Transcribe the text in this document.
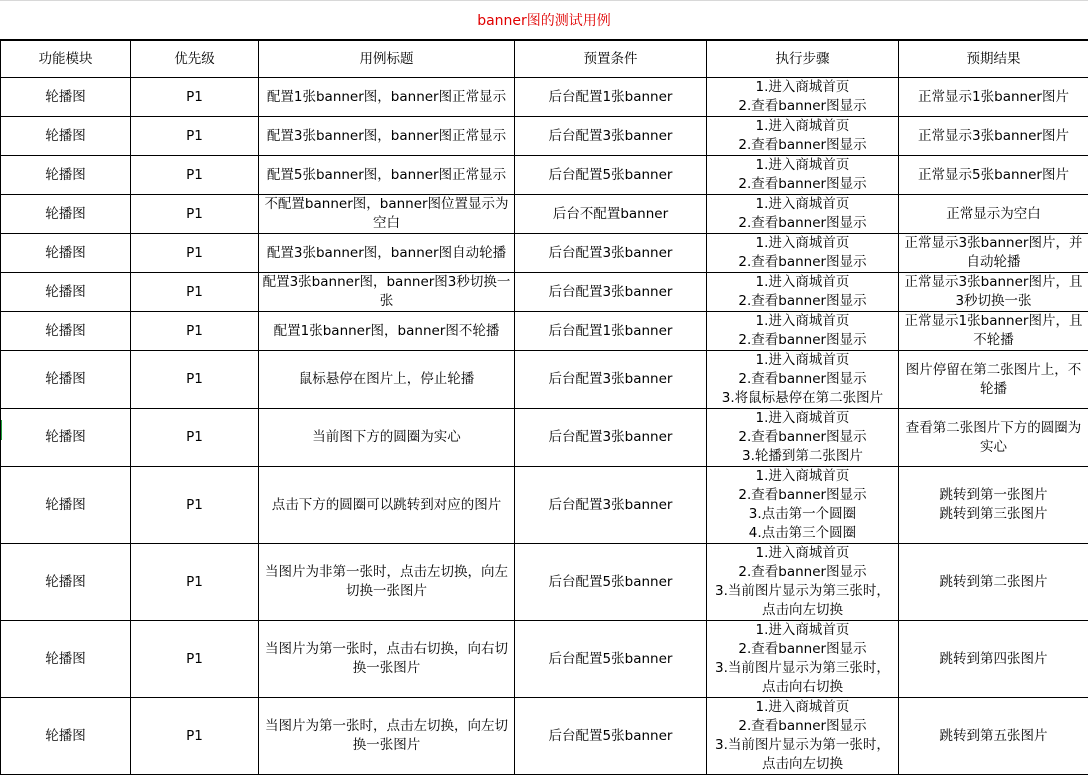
banner图的测试用例
功能模块	优先级	用例标题	预置条件	执行步骤	预期结果
轮播图	P1	配置1张banner图，banner图正常显示	后台配置1张banner	1.进入商城首页
2.查看banner图显示	正常显示1张banner图片
轮播图	P1	配置3张banner图，banner图正常显示	后台配置3张banner	1.进入商城首页
2.查看banner图显示	正常显示3张banner图片
轮播图	P1	配置5张banner图，banner图正常显示	后台配置5张banner	1.进入商城首页
2.查看banner图显示	正常显示5张banner图片
轮播图	P1	不配置banner图，banner图位置显示为空白	后台不配置banner	1.进入商城首页
2.查看banner图显示	正常显示为空白
轮播图	P1	配置3张banner图，banner图自动轮播	后台配置3张banner	1.进入商城首页
2.查看banner图显示	正常显示3张banner图片，并自动轮播
轮播图	P1	配置3张banner图，banner图3秒切换一张	后台配置3张banner	1.进入商城首页
2.查看banner图显示	正常显示3张banner图片，且3秒切换一张
轮播图	P1	配置1张banner图，banner图不轮播	后台配置1张banner	1.进入商城首页
2.查看banner图显示	正常显示1张banner图片，且不轮播
轮播图	P1	鼠标悬停在图片上，停止轮播	后台配置3张banner	1.进入商城首页
2.查看banner图显示
3.将鼠标悬停在第二张图片	图片停留在第二张图片上，不轮播
轮播图	P1	当前图下方的圆圈为实心	后台配置3张banner	1.进入商城首页
2.查看banner图显示
3.轮播到第二张图片	查看第二张图片下方的圆圈为实心
轮播图	P1	点击下方的圆圈可以跳转到对应的图片	后台配置3张banner	1.进入商城首页
2.查看banner图显示
3.点击第一个圆圈
4.点击第三个圆圈	跳转到第一张图片
跳转到第三张图片
轮播图	P1	当图片为非第一张时，点击左切换，向左切换一张图片	后台配置5张banner	1.进入商城首页
2.查看banner图显示
3.当前图片显示为第三张时，点击向左切换	跳转到第二张图片
轮播图	P1	当图片为第一张时，点击右切换，向右切换一张图片	后台配置5张banner	1.进入商城首页
2.查看banner图显示
3.当前图片显示为第三张时，点击向右切换	跳转到第四张图片
轮播图	P1	当图片为第一张时，点击左切换，向左切换一张图片	后台配置5张banner	1.进入商城首页
2.查看banner图显示
3.当前图片显示为第一张时，点击向左切换	跳转到第五张图片
